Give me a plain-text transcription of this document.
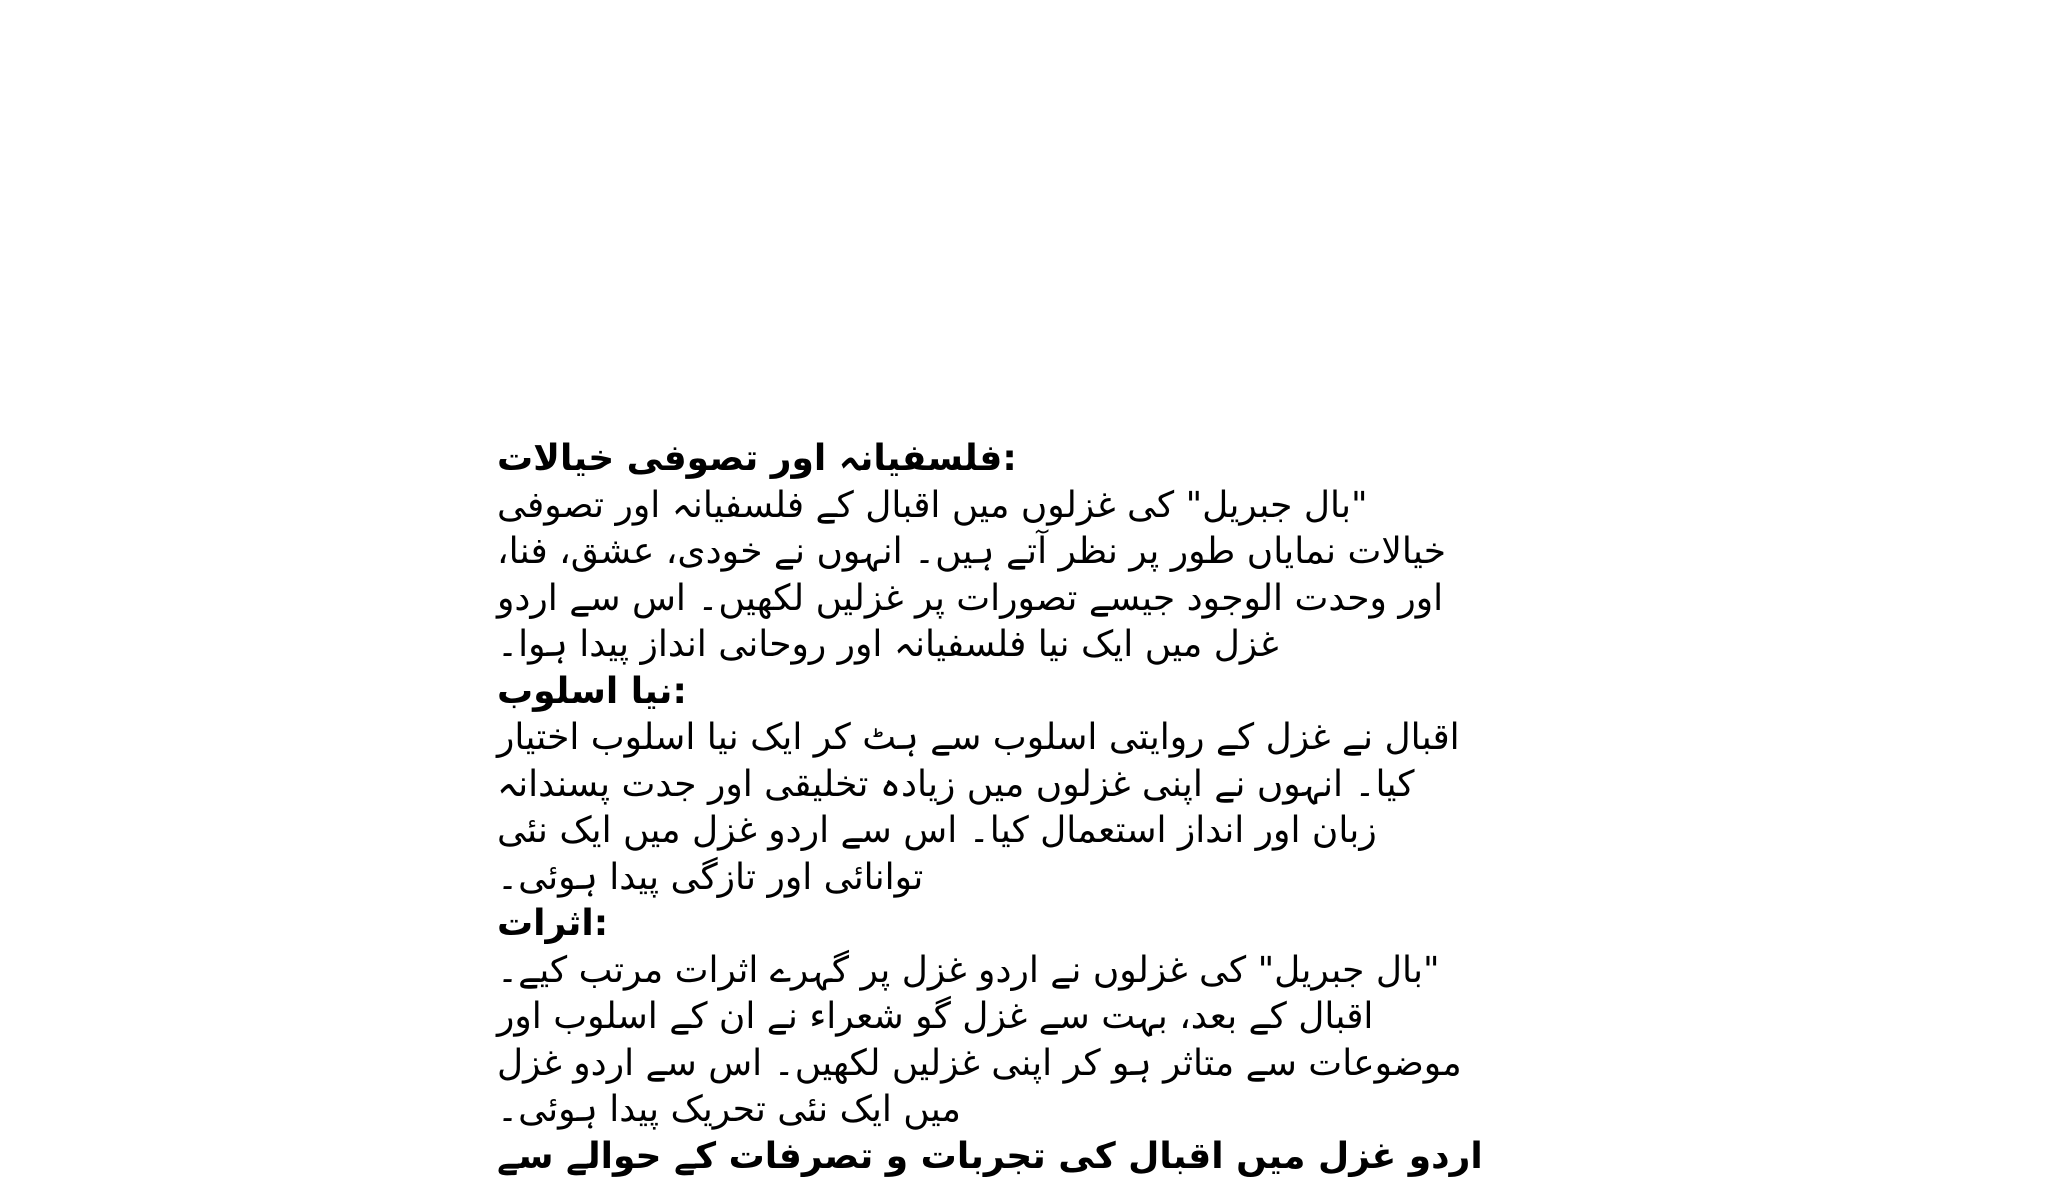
فلسفیانہ اور تصوفی خیالات:
"بال جبریل" کی غزلوں میں اقبال کے فلسفیانہ اور تصوفی
خیالات نمایاں طور پر نظر آتے ہیں۔ انہوں نے خودی، عشق، فنا،
اور وحدت الوجود جیسے تصورات پر غزلیں لکھیں۔ اس سے اردو
غزل میں ایک نیا فلسفیانہ اور روحانی انداز پیدا ہوا۔
نیا اسلوب:
اقبال نے غزل کے روایتی اسلوب سے ہٹ کر ایک نیا اسلوب اختیار
کیا۔ انہوں نے اپنی غزلوں میں زیادہ تخلیقی اور جدت پسندانہ
زبان اور انداز استعمال کیا۔ اس سے اردو غزل میں ایک نئی
توانائی اور تازگی پیدا ہوئی۔
اثرات:
"بال جبریل" کی غزلوں نے اردو غزل پر گہرے اثرات مرتب کیے۔
اقبال کے بعد، بہت سے غزل گو شعراء نے ان کے اسلوب اور
موضوعات سے متاثر ہو کر اپنی غزلیں لکھیں۔ اس سے اردو غزل
میں ایک نئی تحریک پیدا ہوئی۔
اردو غزل میں اقبال کی تجربات و تصرفات کے حوالے سے
